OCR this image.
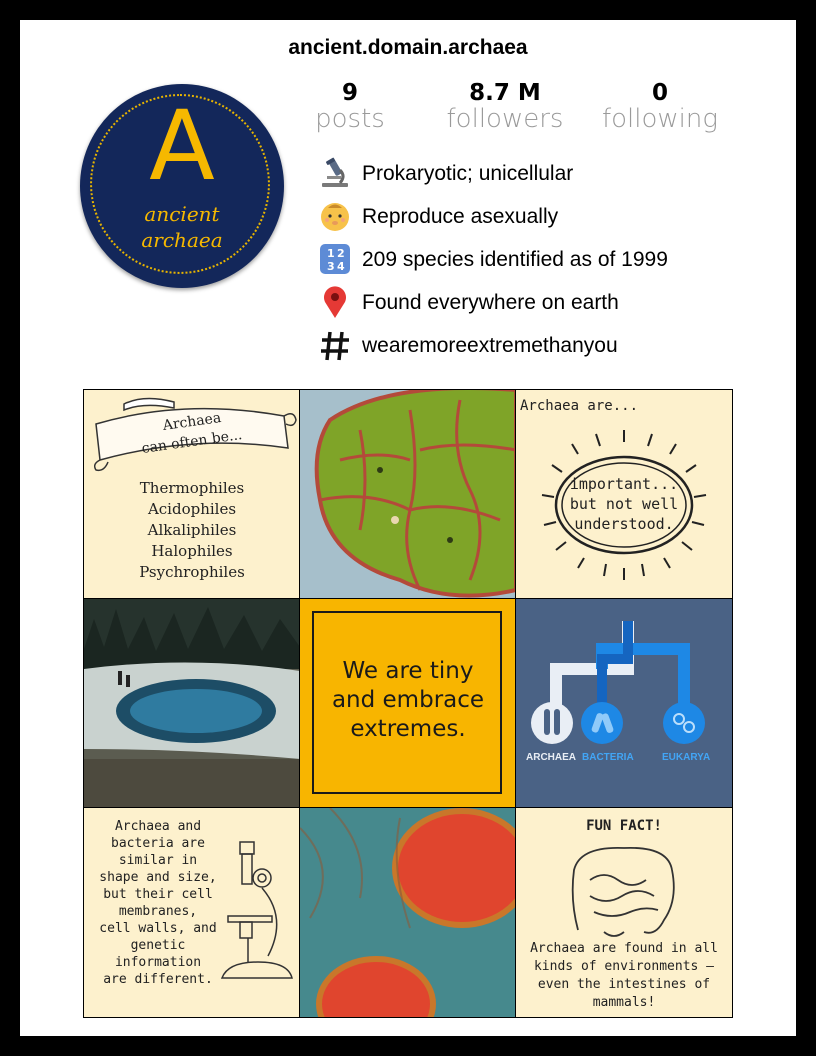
ancient.domain.archaea
A
ancient
archaea
9
posts
8.7 M
followers
0
following
Prokaryotic; unicellular
Reproduce asexually
1 2
3 4 209 species identified as of 1999
Found everywhere on earth
wearemoreextremethanyou
Archaea
can often be...
Thermophiles
Acidophiles
Alkaliphiles
Halophiles
Psychrophiles
Archaea are...
important...
but not well
understood.
We are tiny
and embrace
extremes.
ARCHAEA BACTERIA	EUKARYA
Archaea and
bacteria are
similar in
shape and size,
but their cell
membranes,
cell walls, and
genetic
information
are different.
FUN FACT!
Archaea are found in all
kinds of environments –
even the intestines of
mammals!
